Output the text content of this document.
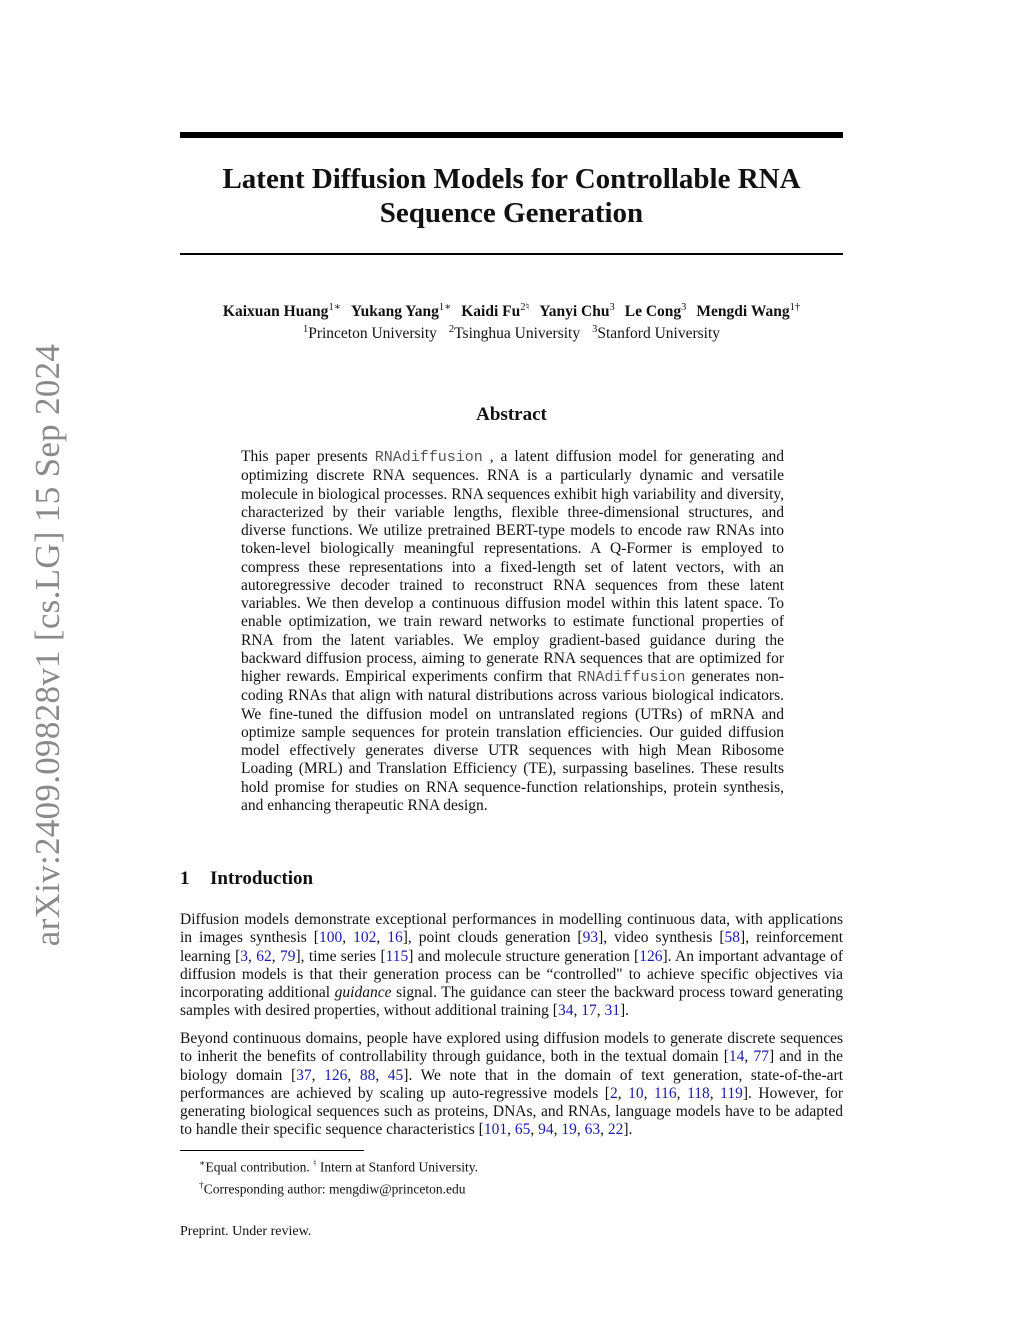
arXiv:2409.09828v1 [cs.LG] 15 Sep 2024
Latent Diffusion Models for Controllable RNA
Sequence Generation
Kaixuan Huang$^{1∗}$ Yukang Yang$^{1∗}$ Kaidi $Fu^{2♮}$ Yanyi Chu$^3$ Le Cong$^3$ Mengdi Wang$^{1\dagger}$
$^1$Princeton University $^2$Tsinghua University $^3$Stanford University
Abstract
This paper presents RNAdiffusion , a latent diffusion model for generating and optimizing discrete RNA sequences. RNA is a particularly dynamic and versatile molecule in biological processes. RNA sequences exhibit high variability and diversity, characterized by their variable lengths, flexible three-dimensional structures, and diverse functions. We utilize pretrained BERT-type models to encode raw RNAs into token-level biologically meaningful representations. A Q-Former is employed to compress these representations into a fixed-length set of latent vectors, with an autoregressive decoder trained to reconstruct RNA sequences from these latent variables. We then develop a continuous diffusion model within this latent space. To enable optimization, we train reward networks to estimate functional properties of RNA from the latent variables. We employ gradient-based guidance during the backward diffusion process, aiming to generate RNA sequences that are optimized for higher rewards. Empirical experiments confirm that RNAdiffusion generates non-coding RNAs that align with natural distributions across various biological indicators. We fine-tuned the diffusion model on untranslated regions (UTRs) of mRNA and optimize sample sequences for protein translation efficiencies. Our guided diffusion model effectively generates diverse UTR sequences with high Mean Ribosome Loading (MRL) and Translation Efficiency (TE), surpassing baselines. These results hold promise for studies on RNA sequence-function relationships, protein synthesis, and enhancing therapeutic RNA design.
1 Introduction
Diffusion models demonstrate exceptional performances in modelling continuous data, with applications in images synthesis [100, 102, 16], point clouds generation [93], video synthesis [58], reinforcement learning [3, 62, 79], time series [115] and molecule structure generation [126]. An important advantage of diffusion models is that their generation process can be “controlled" to achieve specific objectives via incorporating additional guidance signal. The guidance can steer the backward process toward generating samples with desired properties, without additional training [34, 17, 31].
Beyond continuous domains, people have explored using diffusion models to generate discrete sequences to inherit the benefits of controllability through guidance, both in the textual domain [14, 77] and in the biology domain [37, 126, 88, 45]. We note that in the domain of text generation, state-of-the-art performances are achieved by scaling up auto-regressive models [2, 10, 116, 118, 119]. However, for generating biological sequences such as proteins, DNAs, and RNAs, language models have to be adapted to handle their specific sequence characteristics [101, 65, 94, 19, 63, 22].
∗Equal contribution. ♮ Intern at Stanford University.
†Corresponding author: mengdiw@princeton.edu
Preprint. Under review.
